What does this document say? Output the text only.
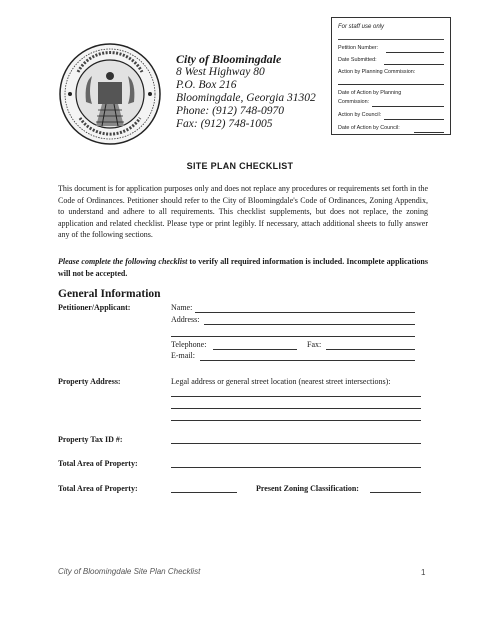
City of Bloomingdale
8 West Highway 80
P.O. Box 216
Bloomingdale, Georgia 31302
Phone: (912) 748-0970
Fax: (912) 748-1005
For staff use only
Petition Number:
Date Submitted:
Action by Planning Commission:
Date of Action by Planning
Commission:
Action by Council:
Date of Action by Council:
SITE PLAN CHECKLIST
This document is for application purposes only and does not replace any procedures or requirements set forth in the Code of Ordinances. Petitioner should refer to the City of Bloomingdale's Code of Ordinances, Zoning Appendix, to understand and adhere to all requirements. This checklist supplements, but does not replace, the zoning application and related checklist. Please type or print legibly. If necessary, attach additional sheets to fully answer any of the following sections.
Please complete the following checklist to verify all required information is included. Incomplete applications will not be accepted.
General Information
Petitioner/Applicant:	Name:
Address:
Telephone:	Fax:
E-mail:
Property Address:	Legal address or general street location (nearest street intersections):
Property Tax ID #:
Total Area of Property:
Total Area of Property:	Present Zoning Classification:
City of Bloomingdale Site Plan Checklist	1
